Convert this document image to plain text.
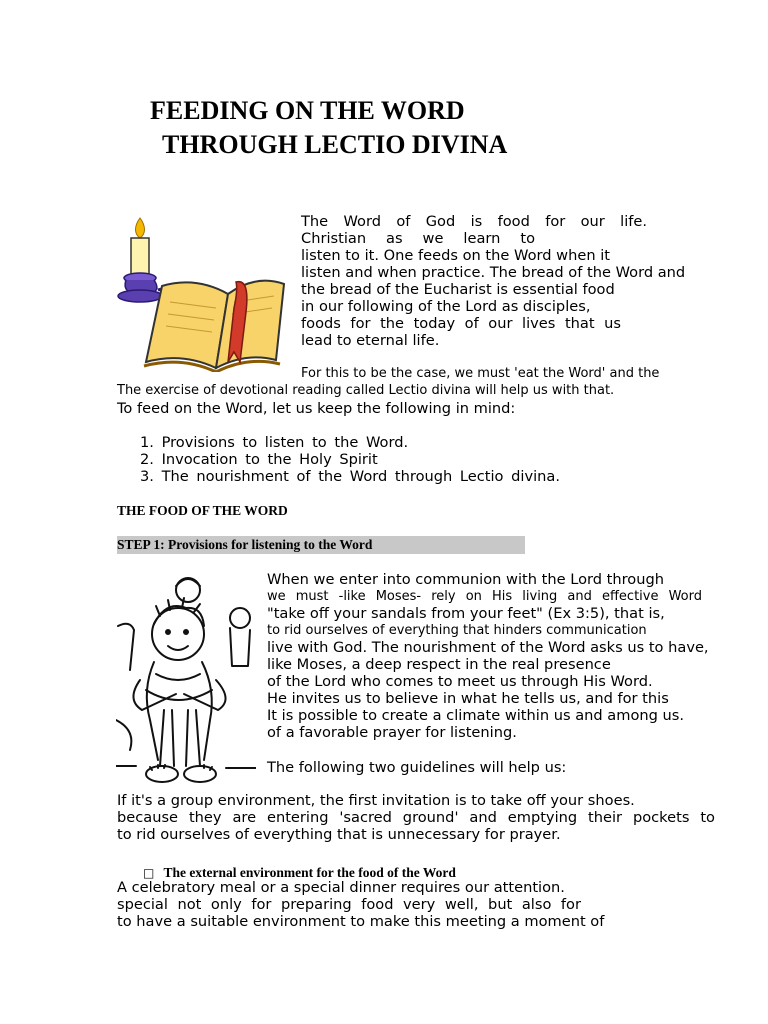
FEEDING ON THE WORD
THROUGH LECTIO DIVINA
The Word of God is food for our life.
Christian as we learn to
listen to it. One feeds on the Word when it
listen and when practice. The bread of the Word and
the bread of the Eucharist is essential food
in our following of the Lord as disciples,
foods for the today of our lives that us
lead to eternal life.
For this to be the case, we must 'eat the Word' and the
The exercise of devotional reading called Lectio divina will help us with that.
To feed on the Word, let us keep the following in mind:
1. Provisions to listen to the Word.
2. Invocation to the Holy Spirit
3. The nourishment of the Word through Lectio divina.
THE FOOD OF THE WORD
STEP 1: Provisions for listening to the Word
When we enter into communion with the Lord through
we must -like Moses- rely on His living and effective Word
"take off your sandals from your feet" (Ex 3:5), that is,
to rid ourselves of everything that hinders communication
live with God. The nourishment of the Word asks us to have,
like Moses, a deep respect in the real presence
of the Lord who comes to meet us through His Word.
He invites us to believe in what he tells us, and for this
It is possible to create a climate within us and among us.
of a favorable prayer for listening.
The following two guidelines will help us:
If it's a group environment, the first invitation is to take off your shoes.
because they are entering 'sacred ground' and emptying their pockets to
to rid ourselves of everything that is unnecessary for prayer.
□ The external environment for the food of the Word
A celebratory meal or a special dinner requires our attention.
special not only for preparing food very well, but also for
to have a suitable environment to make this meeting a moment of
